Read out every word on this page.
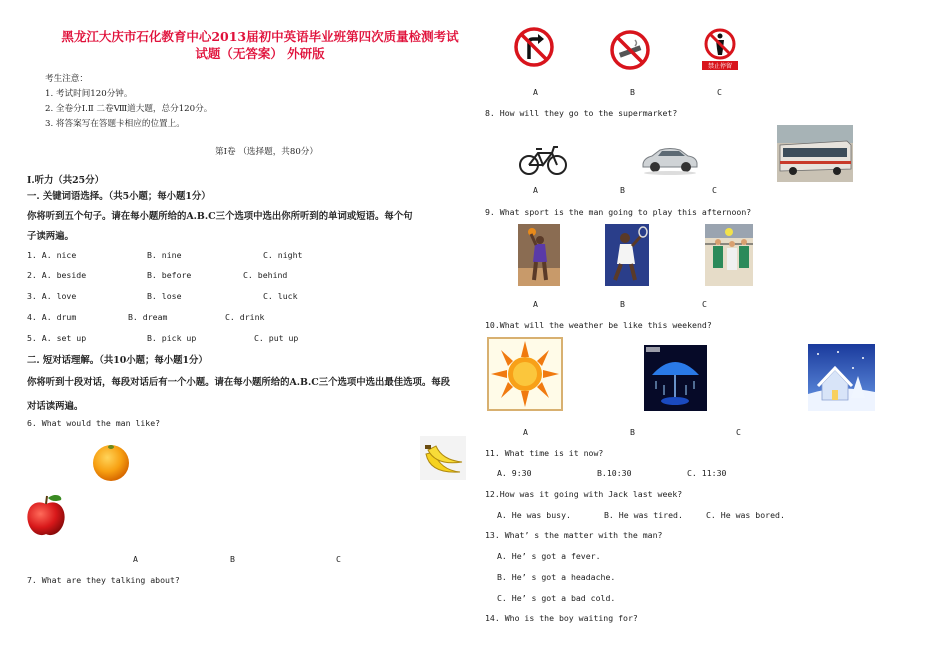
黑龙江大庆市石化教育中心2013届初中英语毕业班第四次质量检测考试
试题（无答案） 外研版
考生注意：
1. 考试时间120分钟。
2. 全卷分Ⅰ.Ⅱ 二卷Ⅷ道大题，总分120分。
3. 将答案写在答题卡相应的位置上。
第Ⅰ卷 （选择题，共80分）
I.听力（共25分）
一. 关键词语选择。（共5小题；每小题1分）
你将听到五个句子。请在每小题所给的A.B.C三个选项中选出你所听到的单词或短语。每个句
子读两遍。
1. A. nice	B. nine	C. night
2. A. beside	B. before	C. behind
3. A. love	B. lose	C. luck
4. A. drum	B. dream	C. drink
5. A. set up	B. pick up	C. put up
二. 短对话理解。（共10小题；每小题1分）
你将听到十段对话，每段对话后有一个小题。请在每小题所给的A.B.C三个选项中选出最佳选项。每段
对话读两遍。
6. What would the man like?
A	B	C
7. What are they talking about?
禁止停留
A	B	C
8. How will they go to the supermarket?
A	B	C
9. What sport is the man going to play this afternoon?
A	B	C
10.What will the weather be like this weekend?
A	B	C
11. What time is it now?
A. 9:30	B.10:30	C. 11:30
12.How was it going with Jack last week?
A. He was busy.	B. He was tired.	C. He was bored.
13. What’ s the matter with the man?
A. He’ s got a fever.
B. He’ s got a headache.
C. He’ s got a bad cold.
14. Who is the boy waiting for?
